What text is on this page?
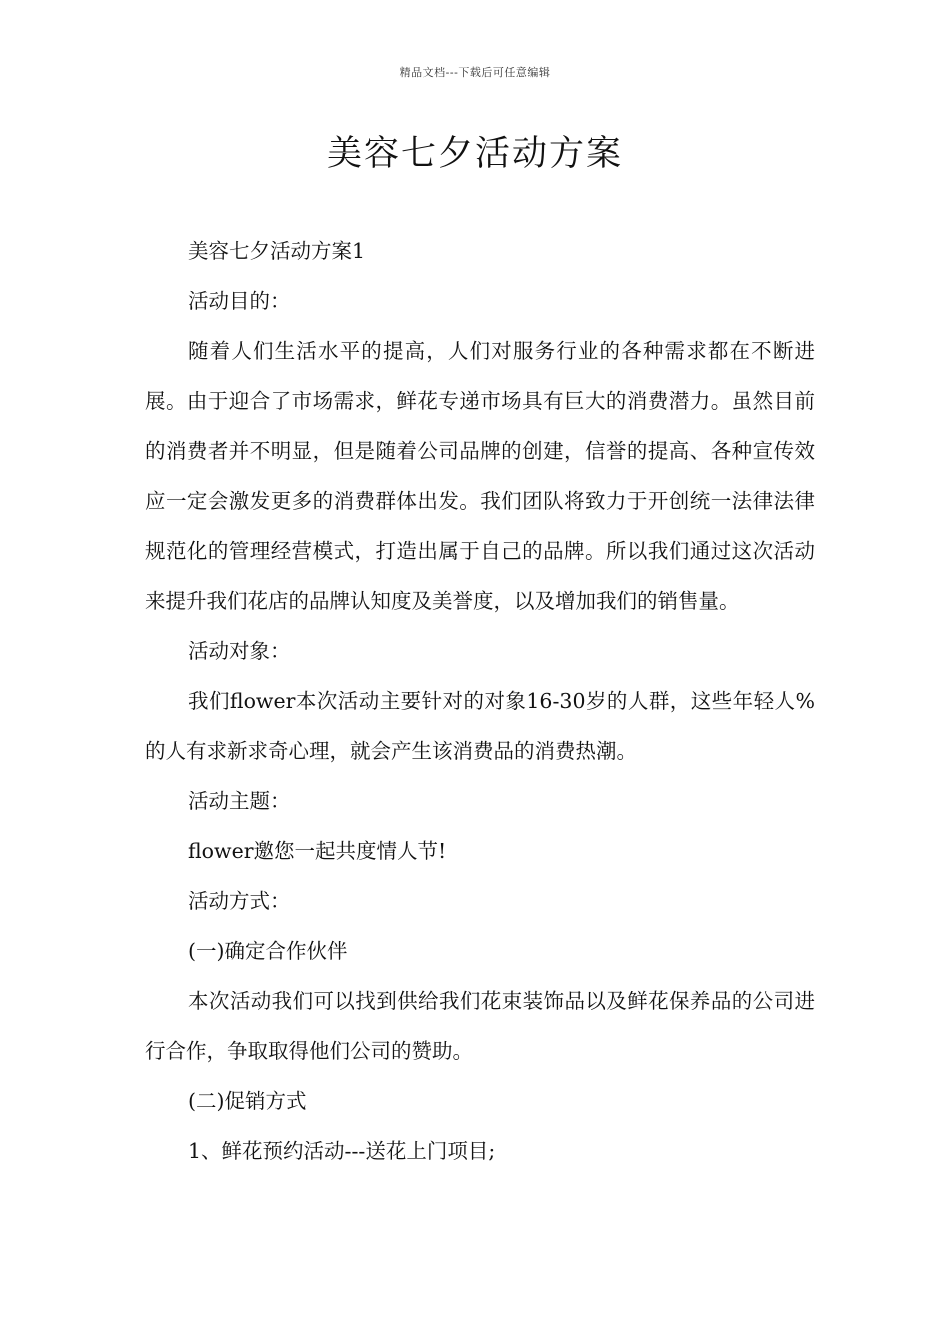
精品文档---下载后可任意编辑
美容七夕活动方案

美容七夕活动方案1

活动目的：

随着人们生活水平的提高，人们对服务行业的各种需求都在不断进展。由于迎合了市场需求，鲜花专递市场具有巨大的消费潜力。虽然目前的消费者并不明显，但是随着公司品牌的创建，信誉的提高、各种宣传效应一定会激发更多的消费群体出发。我们团队将致力于开创统一法律法律规范化的管理经营模式，打造出属于自己的品牌。所以我们通过这次活动来提升我们花店的品牌认知度及美誉度，以及增加我们的销售量。

活动对象：

我们flower本次活动主要针对的对象16-30岁的人群，这些年轻人%的人有求新求奇心理，就会产生该消费品的消费热潮。

活动主题：

flower邀您一起共度情人节!

活动方式：

(一)确定合作伙伴

本次活动我们可以找到供给我们花束装饰品以及鲜花保养品的公司进行合作，争取取得他们公司的赞助。

(二)促销方式

1、鲜花预约活动---送花上门项目;
